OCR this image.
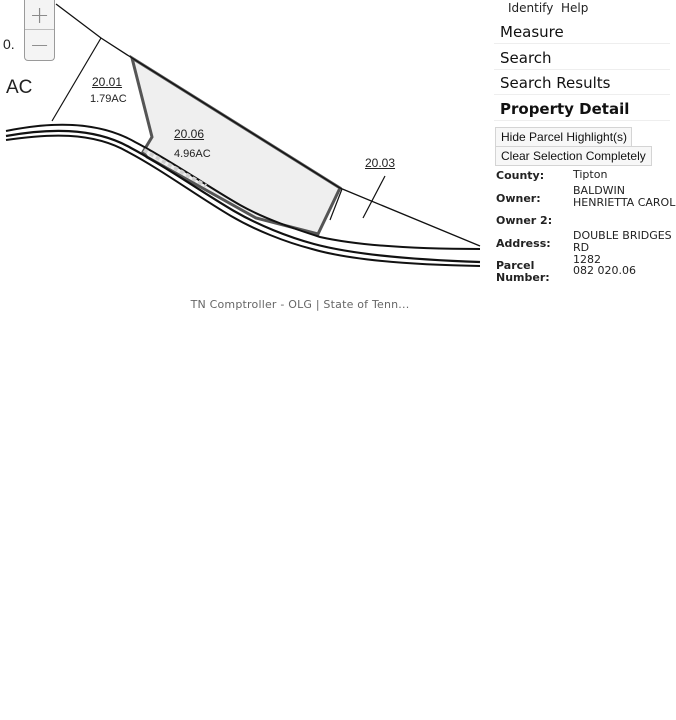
+
−
0.
AC	20.01
1.79AC
20.06
4.96AC
20.03
TN Comptroller - OLG | State of Tenn...
Identify Help
Measure
Search
Search Results
Property Detail
Hide Parcel Highlight(s)
Clear Selection Completely
County:	Tipton
Owner:
BALDWIN
HENRIETTA CAROL
Owner 2:
Address:
DOUBLE BRIDGES RD
1282
Parcel
Number:
082 020.06
